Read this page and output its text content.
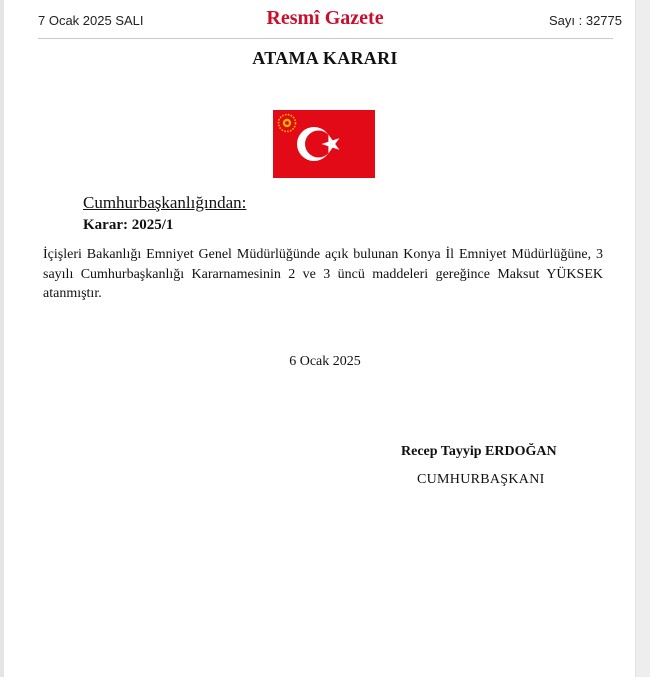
7 Ocak 2025 SALI	Resmî Gazete	Sayı : 32775
ATAMA KARARI
Cumhurbaşkanlığından:
Karar: 2025/1
İçişleri Bakanlığı Emniyet Genel Müdürlüğünde açık bulunan Konya İl Emniyet Müdürlüğüne, 3 sayılı Cumhurbaşkanlığı Kararnamesinin 2 ve 3 üncü maddeleri gereğince Maksut YÜKSEK atanmıştır.
6 Ocak 2025
Recep Tayyip ERDOĞAN
CUMHURBAŞKANI
